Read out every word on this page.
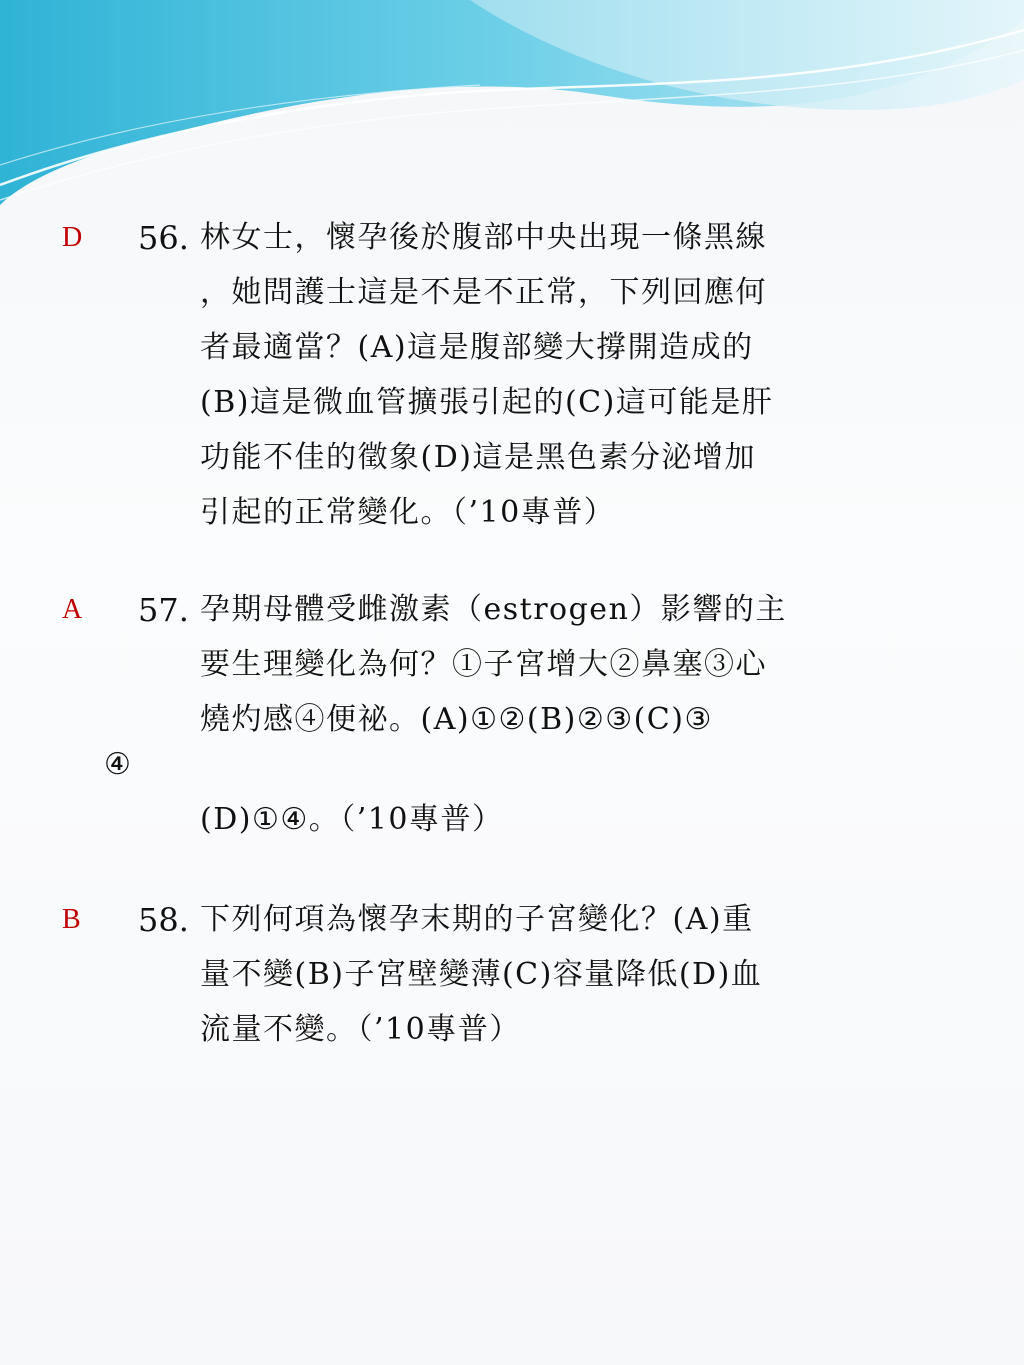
D 56. 林女士，懷孕後於腹部中央出現一條黑線
，她問護士這是不是不正常，下列回應何
者最適當？(A)這是腹部變大撐開造成的
(B)這是微血管擴張引起的(C)這可能是肝
功能不佳的徵象(D)這是黑色素分泌增加
引起的正常變化。（’10專普）
A 57. 孕期母體受雌激素（estrogen）影響的主
要生理變化為何？①子宮增大②鼻塞③心
燒灼感④便祕。(A)①②(B)②③(C)③
④
(D)①④。（’10專普）
B 58. 下列何項為懷孕末期的子宮變化？(A)重
量不變(B)子宮壁變薄(C)容量降低(D)血
流量不變。（’10專普）
